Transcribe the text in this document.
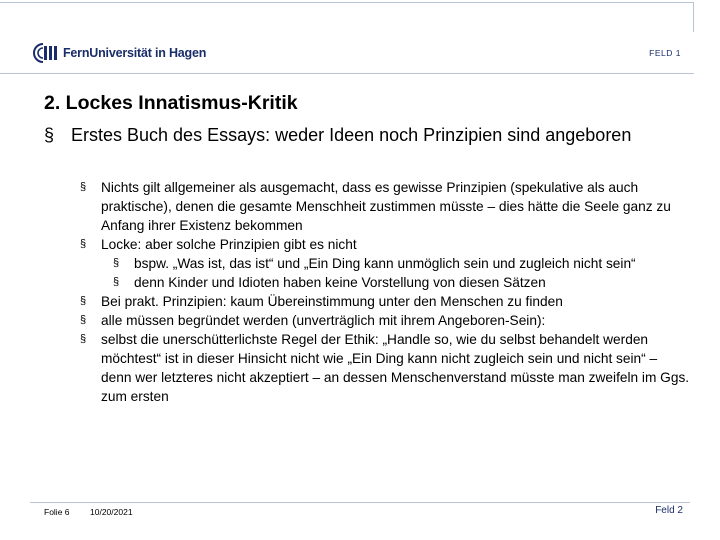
FernUniversität in Hagen	FELD 1
2. Lockes Innatismus-Kritik
§ Erstes Buch des Essays: weder Ideen noch Prinzipien sind angeboren
§ Nichts gilt allgemeiner als ausgemacht, dass es gewisse Prinzipien (spekulative als auch praktische), denen die gesamte Menschheit zustimmen müsste – dies hätte die Seele ganz zu Anfang ihrer Existenz bekommen
§ Locke: aber solche Prinzipien gibt es nicht
§ bspw. „Was ist, das ist“ und „Ein Ding kann unmöglich sein und zugleich nicht sein“
§ denn Kinder und Idioten haben keine Vorstellung von diesen Sätzen
§ Bei prakt. Prinzipien: kaum Übereinstimmung unter den Menschen zu finden
§ alle müssen begründet werden (unverträglich mit ihrem Angeboren-Sein):
§ selbst die unerschütterlichste Regel der Ethik: „Handle so, wie du selbst behandelt werden möchtest“ ist in dieser Hinsicht nicht wie „Ein Ding kann nicht zugleich sein und nicht sein“ – denn wer letzteres nicht akzeptiert – an dessen Menschenverstand müsste man zweifeln im Ggs. zum ersten
Folie 6 10/20/2021	Feld 2
